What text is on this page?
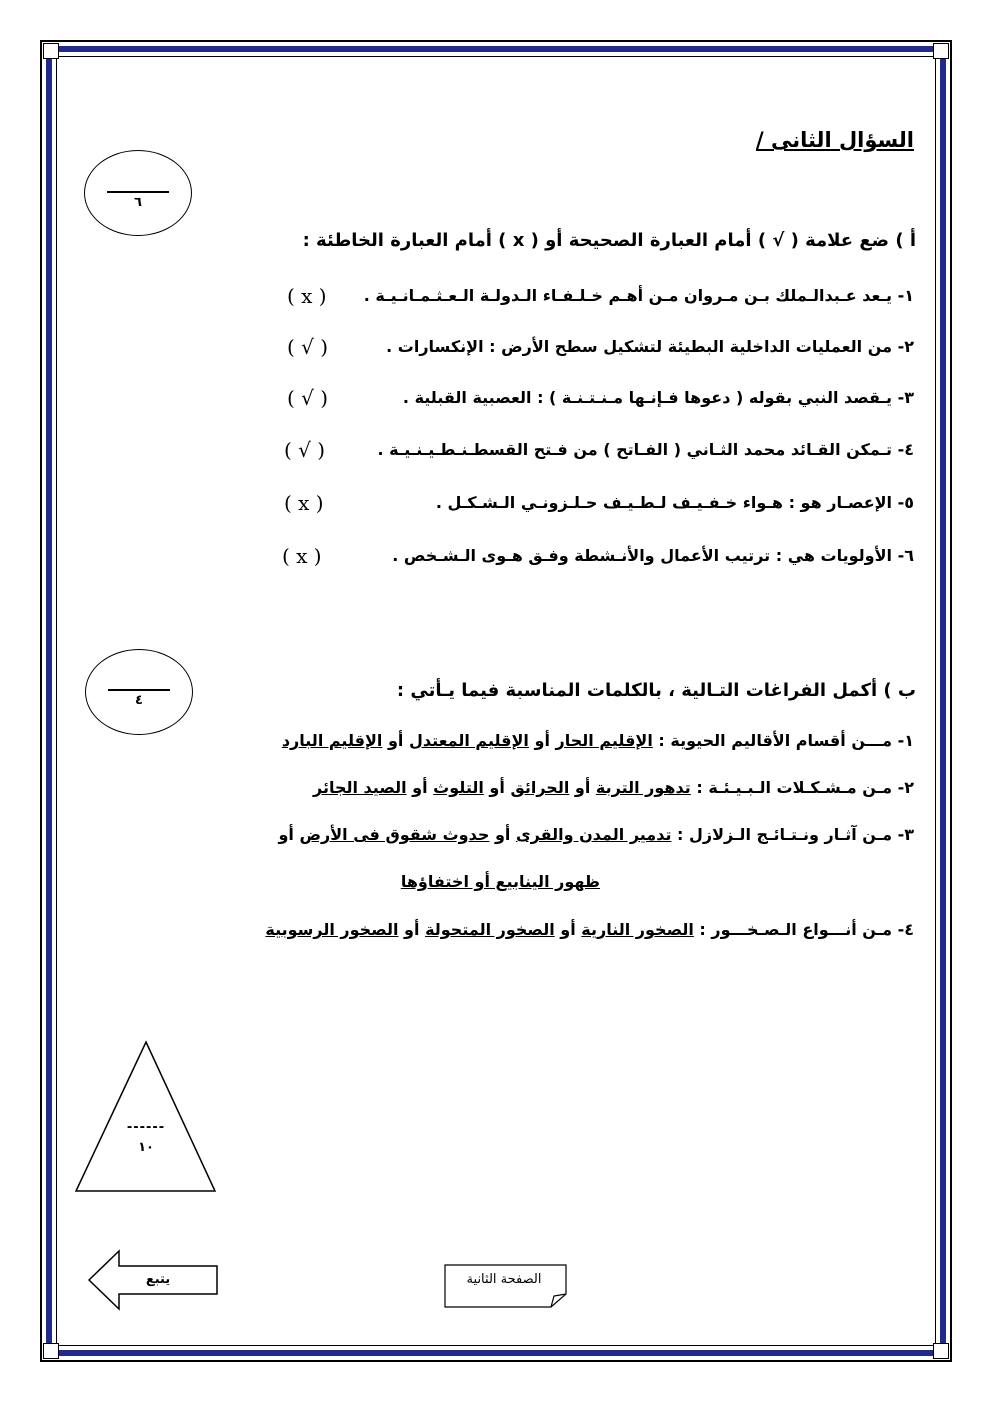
السؤال الثانى /
٦
أ ) ضع علامة ( √ ) أمام العبارة الصحيحة أو ( x ) أمام العبارة الخاطئة :
١- يـعد عـبدالـملك بـن مـروان مـن أهـم خـلـفـاء الـدولـة الـعـثـمـانـيـة .
( x )
٢- من العمليات الداخلية البطيئة لتشكيل سطح الأرض : الإنكسارات .
( √ )
٣- يـقصد النبي بقوله ( دعوها فـإنـها مـنـتـنـة ) : العصبية القبلية .
( √ )
٤- تـمكن القـائد محمد الثـاني ( الفـاتح ) من فـتح القسطـنـطـيـنـيـة .
( √ )
٥- الإعصـار هو : هـواء خـفـيـف لـطـيـف حـلـزونـي الـشـكـل .
( x )
٦- الأولويات هي : ترتيب الأعمال والأنـشطة وفـق هـوى الـشـخص .
( x )
٤	ب ) أكمل الفراغات التـالية ، بالكلمات المناسبة فيما يـأتي :
١- مـــن أقسام الأقاليم الحيوية : الإقليم الحار أو الإقليم المعتدل أو الإقليم البارد
٢- مـن مـشـكـلات الـبـيـئـة : تدهور التربة أو الحرائق أو التلوث أو الصيد الجائر
٣- مـن آثـار ونـتـائـج الـزلازل : تدمير المدن والقرى أو حدوث شقوق فى الأرض أو
ظهور الينابيع أو اختفاؤها
٤- مـن أنـــواع الـصـخـــور : الصخور النارية أو الصخور المتحولة أو الصخور الرسوبية
------
١٠
يتبع	الصفحة الثانية
